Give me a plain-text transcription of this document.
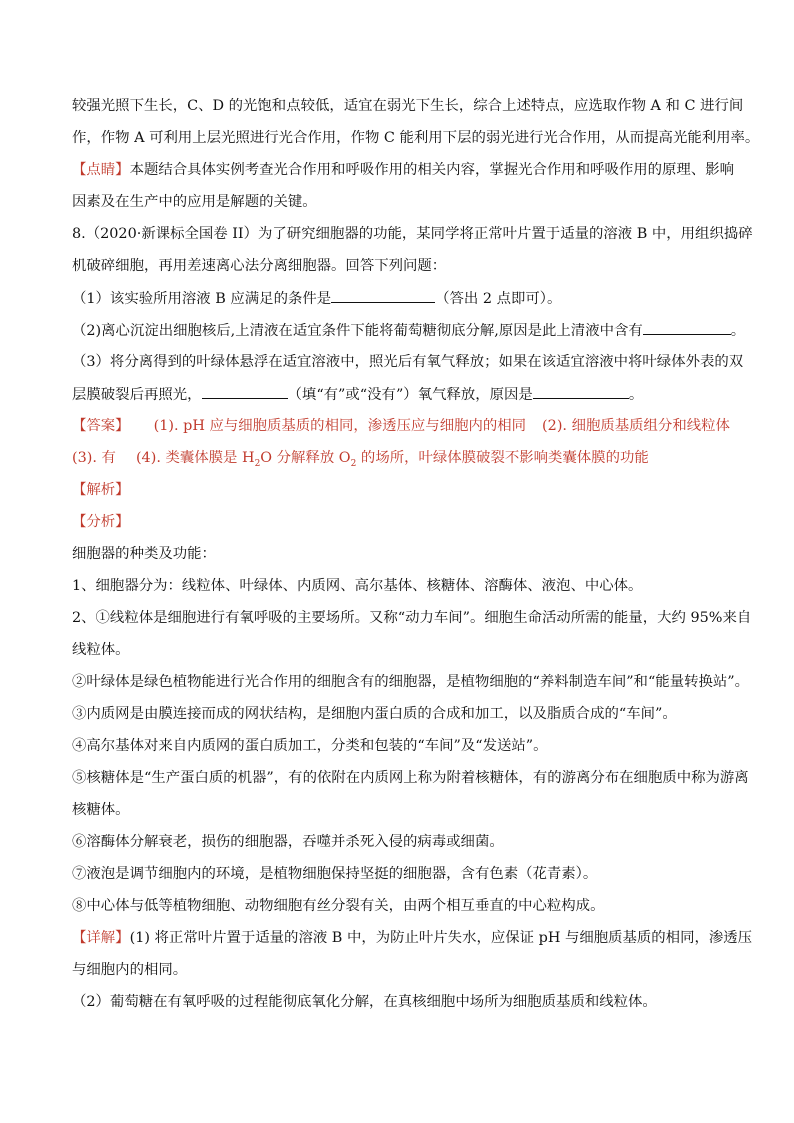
较强光照下生长，C、D 的光饱和点较低，适宜在弱光下生长，综合上述特点，应选取作物 A 和 C 进行间
作，作物 A 可利用上层光照进行光合作用，作物 C 能利用下层的弱光进行光合作用，从而提高光能利用率。
【点睛】本题结合具体实例考查光合作用和呼吸作用的相关内容，掌握光合作用和呼吸作用的原理、影响
因素及在生产中的应用是解题的关键。
8.（2020·新课标全国卷 II）为了研究细胞器的功能，某同学将正常叶片置于适量的溶液 B 中，用组织捣碎
机破碎细胞，再用差速离心法分离细胞器。回答下列问题：
（1）该实验所用溶液 B 应满足的条件是	（答出 2 点即可）。
（2)离心沉淀出细胞核后,上清液在适宜条件下能将葡萄糖彻底分解,原因是此上清液中含有	。
（3）将分离得到的叶绿体悬浮在适宜溶液中，照光后有氧气释放；如果在该适宜溶液中将叶绿体外表的双
层膜破裂后再照光，	（填“有”或“没有”）氧气释放，原因是	。
【答案】 (1). pH 应与细胞质基质的相同，渗透压应与细胞内的相同 (2). 细胞质基质组分和线粒体
(3). 有 (4). 类囊体膜是 $H_2O$ 分解释放 $O_2$ 的场所，叶绿体膜破裂不影响类囊体膜的功能
【解析】
【分析】
细胞器的种类及功能：
1、细胞器分为：线粒体、叶绿体、内质网、高尔基体、核糖体、溶酶体、液泡、中心体。
2、①线粒体是细胞进行有氧呼吸的主要场所。又称“动力车间”。细胞生命活动所需的能量，大约 95%来自
线粒体。
②叶绿体是绿色植物能进行光合作用的细胞含有的细胞器，是植物细胞的“养料制造车间”和“能量转换站”。
③内质网是由膜连接而成的网状结构，是细胞内蛋白质的合成和加工，以及脂质合成的“车间”。
④高尔基体对来自内质网的蛋白质加工，分类和包装的“车间”及“发送站”。
⑤核糖体是“生产蛋白质的机器”，有的依附在内质网上称为附着核糖体，有的游离分布在细胞质中称为游离
核糖体。
⑥溶酶体分解衰老，损伤的细胞器，吞噬并杀死入侵的病毒或细菌。
⑦液泡是调节细胞内的环境，是植物细胞保持坚挺的细胞器，含有色素（花青素）。
⑧中心体与低等植物细胞、动物细胞有丝分裂有关，由两个相互垂直的中心粒构成。
【详解】(1) 将正常叶片置于适量的溶液 B 中，为防止叶片失水，应保证 pH 与细胞质基质的相同，渗透压
与细胞内的相同。
（2）葡萄糖在有氧呼吸的过程能彻底氧化分解，在真核细胞中场所为细胞质基质和线粒体。
